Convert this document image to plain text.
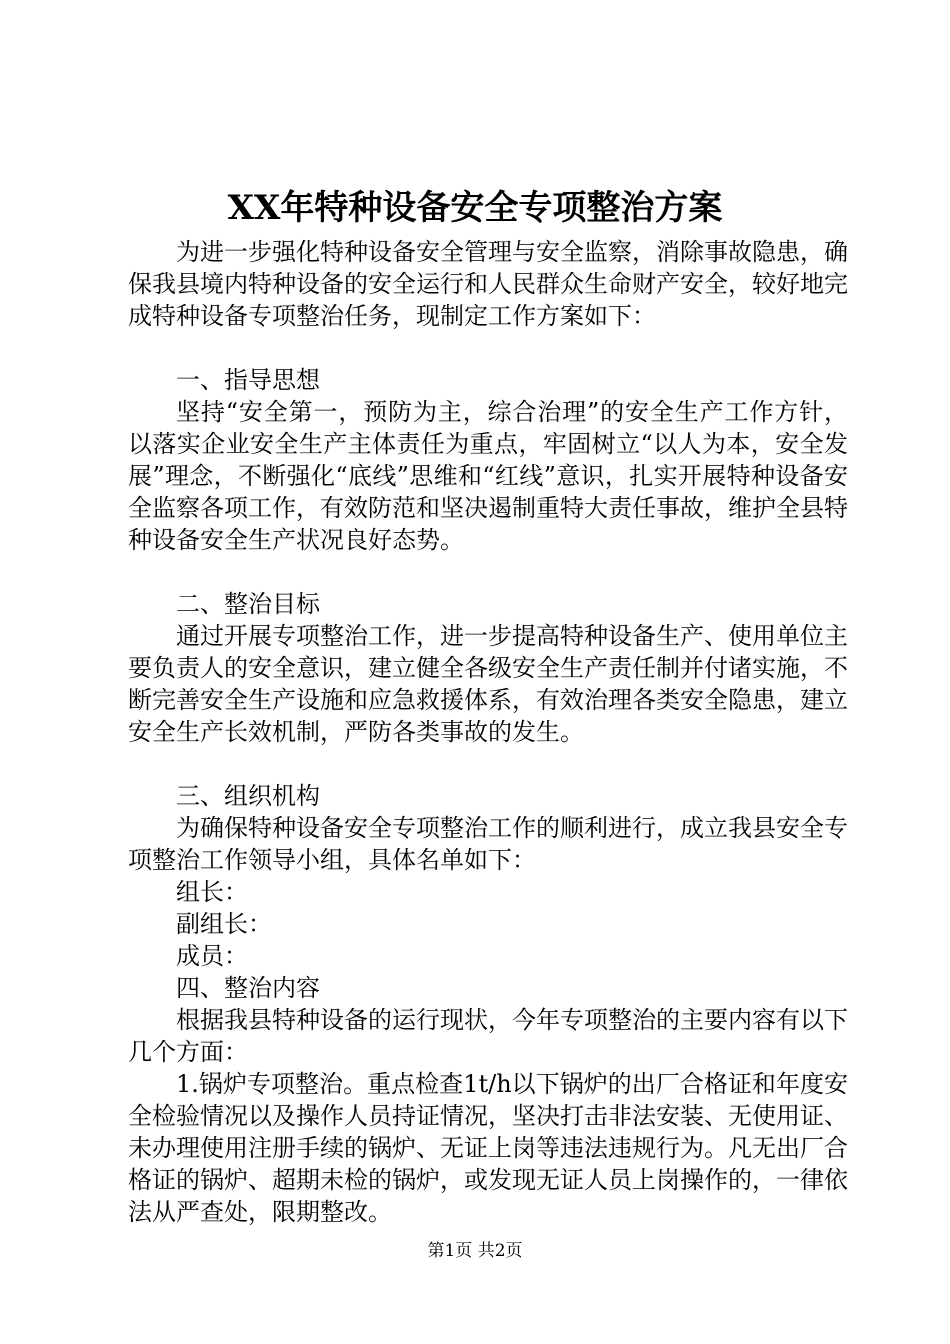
XX年特种设备安全专项整治方案

为进一步强化特种设备安全管理与安全监察，消除事故隐患，确保我县境内特种设备的安全运行和人民群众生命财产安全，较好地完成特种设备专项整治任务，现制定工作方案如下：

一、指导思想

坚持“安全第一，预防为主，综合治理”的安全生产工作方针，以落实企业安全生产主体责任为重点，牢固树立“以人为本，安全发展”理念，不断强化“底线”思维和“红线”意识，扎实开展特种设备安全监察各项工作，有效防范和坚决遏制重特大责任事故，维护全县特种设备安全生产状况良好态势。

二、整治目标

通过开展专项整治工作，进一步提高特种设备生产、使用单位主要负责人的安全意识，建立健全各级安全生产责任制并付诸实施，不断完善安全生产设施和应急救援体系，有效治理各类安全隐患，建立安全生产长效机制，严防各类事故的发生。

三、组织机构

为确保特种设备安全专项整治工作的顺利进行，成立我县安全专项整治工作领导小组，具体名单如下：

组长：

副组长：

成员：

四、整治内容

根据我县特种设备的运行现状，今年专项整治的主要内容有以下几个方面：

1.锅炉专项整治。重点检查1t/h以下锅炉的出厂合格证和年度安全检验情况以及操作人员持证情况，坚决打击非法安装、无使用证、未办理使用注册手续的锅炉、无证上岗等违法违规行为。凡无出厂合格证的锅炉、超期未检的锅炉，或发现无证人员上岗操作的，一律依法从严查处，限期整改。

第1页 共2页
